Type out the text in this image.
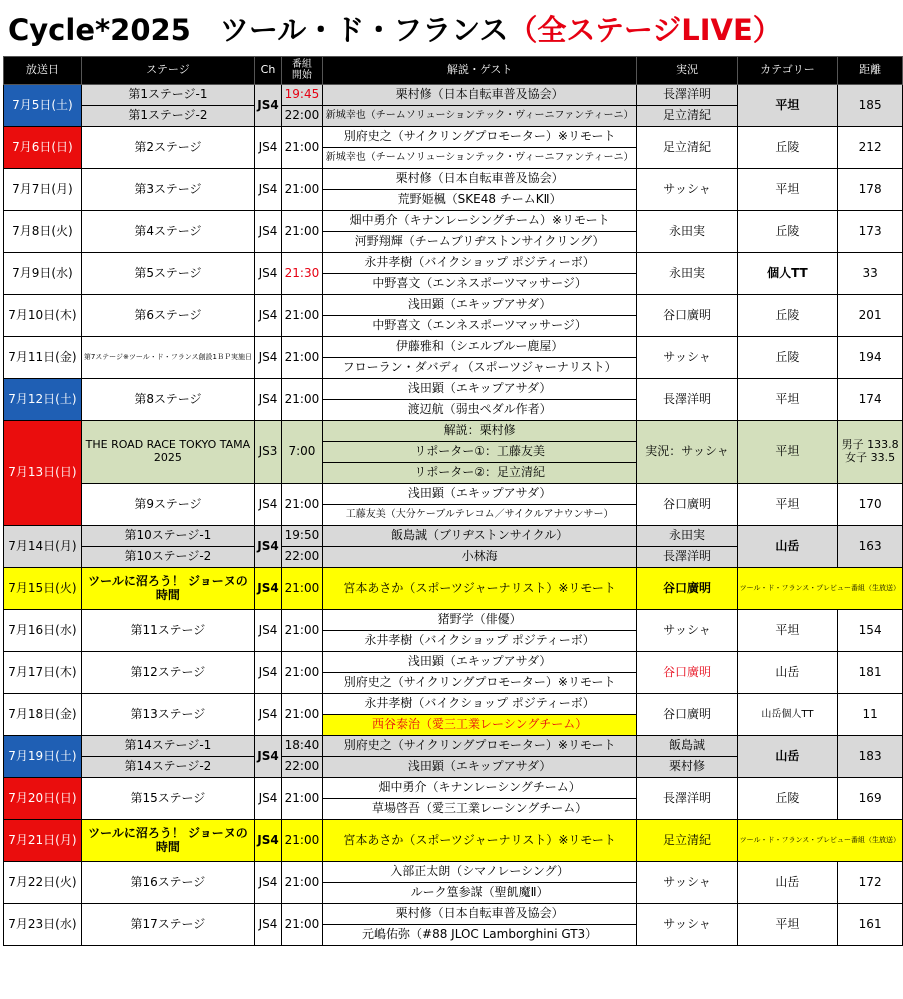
Cycle*2025　ツール・ド・フランス（全ステージLIVE）
放送日	ステージ	Ch	番組
開始	解説・ゲスト	実況	カテゴリー	距離
7月5日(土)	第1ステージ-1	JS4	19:45	栗村修（日本自転車普及協会）	長澤洋明	平坦	185
	第1ステージ-2		22:00	新城幸也（チームソリューションテック・ヴィーニファンティーニ）	足立清紀		
7月6日(日)	第2ステージ	JS4	21:00	別府史之（サイクリングプロモーター）※リモート	足立清紀	丘陵	212
				新城幸也（チームソリューションテック・ヴィーニファンティーニ）			
7月7日(月)	第3ステージ	JS4	21:00	栗村修（日本自転車普及協会）	サッシャ	平坦	178
				荒野姫楓（SKE48 チームKⅡ）			
7月8日(火)	第4ステージ	JS4	21:00	畑中勇介（キナンレーシングチーム）※リモート	永田実	丘陵	173
				河野翔輝（チームブリヂストンサイクリング）			
7月9日(水)	第5ステージ	JS4	21:30	永井孝樹（バイクショップ ポジティーボ）	永田実	個人TT	33
				中野喜文（エンネスポーツマッサージ）			
7月10日(木)	第6ステージ	JS4	21:00	浅田顕（エキップアサダ）	谷口廣明	丘陵	201
				中野喜文（エンネスポーツマッサージ）			
7月11日(金)	第7ステージ※ツール・ド・フランス創設1ＢＰ実施日	JS4	21:00	伊藤雅和（シエルブルー鹿屋）	サッシャ	丘陵	194
				フローラン・ダバディ（スポーツジャーナリスト）			
7月12日(土)	第8ステージ	JS4	21:00	浅田顕（エキップアサダ）	長澤洋明	平坦	174
				渡辺航（弱虫ペダル作者）			
7月13日(日)	THE ROAD RACE TOKYO TAMA 2025	JS3	7:00	解説：栗村修	実況：サッシャ	平坦	男子 133.8 女子 33.5
				リポーター①：工藤友美			
				リポーター②：足立清紀			
	第9ステージ	JS4	21:00	浅田顕（エキップアサダ）	谷口廣明	平坦	170
				工藤友美（大分ケーブルテレコム／サイクルアナウンサー）			
7月14日(月)	第10ステージ-1	JS4	19:50	飯島誠（ブリヂストンサイクル）	永田実	山岳	163
	第10ステージ-2		22:00	小林海	長澤洋明		
7月15日(火)	ツールに沼ろう！ ジョーヌの時間	JS4	21:00	宮本あさか（スポーツジャーナリスト）※リモート	谷口廣明	ツール・ド・フランス・プレビュー番組（生放送）	
7月16日(水)	第11ステージ	JS4	21:00	猪野学（俳優）	サッシャ	平坦	154
				永井孝樹（バイクショップ ポジティーボ）			
7月17日(木)	第12ステージ	JS4	21:00	浅田顕（エキップアサダ）	谷口廣明	山岳	181
				別府史之（サイクリングプロモーター）※リモート			
7月18日(金)	第13ステージ	JS4	21:00	永井孝樹（バイクショップ ポジティーボ）	谷口廣明	山岳個人TT	11
				西谷泰治（愛三工業レーシングチーム）			
7月19日(土)	第14ステージ-1	JS4	18:40	別府史之（サイクリングプロモーター）※リモート	飯島誠	山岳	183
	第14ステージ-2		22:00	浅田顕（エキップアサダ）	栗村修		
7月20日(日)	第15ステージ	JS4	21:00	畑中勇介（キナンレーシングチーム）	長澤洋明	丘陵	169
				草場啓吾（愛三工業レーシングチーム）			
7月21日(月)	ツールに沼ろう！ ジョーヌの時間	JS4	21:00	宮本あさか（スポーツジャーナリスト）※リモート	足立清紀	ツール・ド・フランス・プレビュー番組（生放送）	
7月22日(火)	第16ステージ	JS4	21:00	入部正太朗（シマノレーシング）	サッシャ	山岳	172
				ルーク篁参謀（聖飢魔Ⅱ）			
7月23日(水)	第17ステージ	JS4	21:00	栗村修（日本自転車普及協会）	サッシャ	平坦	161
				元嶋佑弥（#88 JLOC Lamborghini GT3）			
